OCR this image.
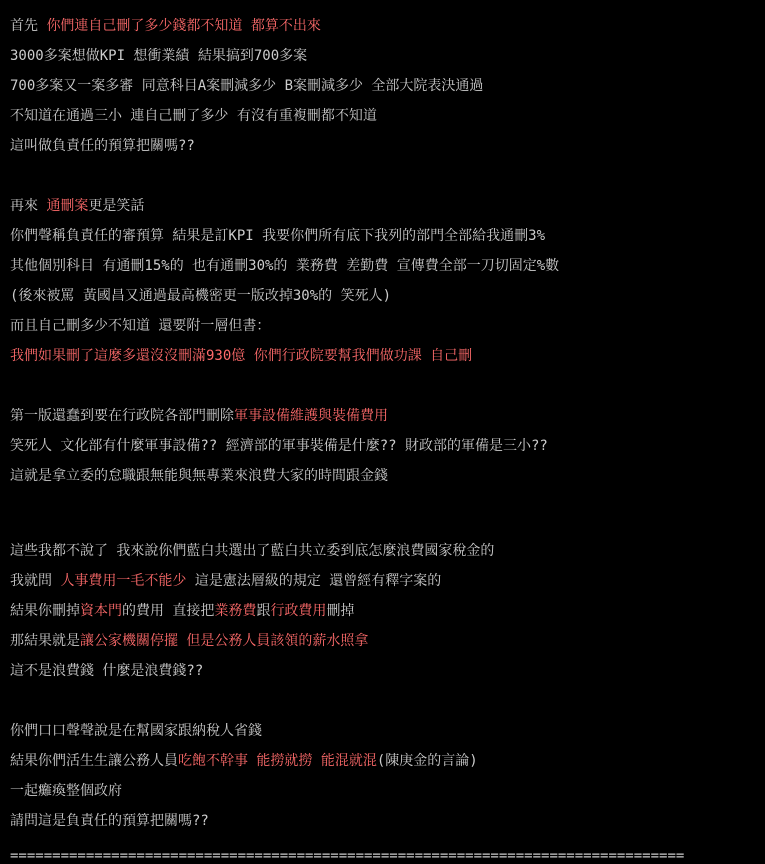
首先 你們連自己刪了多少錢都不知道 都算不出來
3000多案想做KPI 想衝業績 結果搞到700多案
700多案又一案多審 同意科目A案刪減多少 B案刪減多少 全部大院表決通過
不知道在通過三小 連自己刪了多少 有沒有重複刪都不知道
這叫做負責任的預算把關嗎??
再來 通刪案更是笑話
你們聲稱負責任的審預算 結果是訂KPI 我要你們所有底下我列的部門全部給我通刪3%
其他個別科目 有通刪15%的 也有通刪30%的 業務費 差勤費 宣傳費全部一刀切固定%數
(後來被罵 黃國昌又通過最高機密更一版改掉30%的 笑死人)
而且自己刪多少不知道 還要附一層但書：
我們如果刪了這麼多還沒沒刪滿930億 你們行政院要幫我們做功課 自己刪
第一版還蠢到要在行政院各部門刪除軍事設備維護與裝備費用
笑死人 文化部有什麼軍事設備?? 經濟部的軍事裝備是什麼?? 財政部的軍備是三小??
這就是拿立委的怠職跟無能與無專業來浪費大家的時間跟金錢
這些我都不說了 我來說你們藍白共選出了藍白共立委到底怎麼浪費國家稅金的
我就問 人事費用一毛不能少 這是憲法層級的規定 還曾經有釋字案的
結果你刪掉資本門的費用 直接把業務費跟行政費用刪掉
那結果就是讓公家機關停擺 但是公務人員該領的薪水照拿
這不是浪費錢 什麼是浪費錢??
你們口口聲聲說是在幫國家跟納稅人省錢
結果你們活生生讓公務人員吃飽不幹事 能撈就撈 能混就混(陳庚金的言論)
一起癱瘓整個政府
請問這是負責任的預算把關嗎??
================================================================================
